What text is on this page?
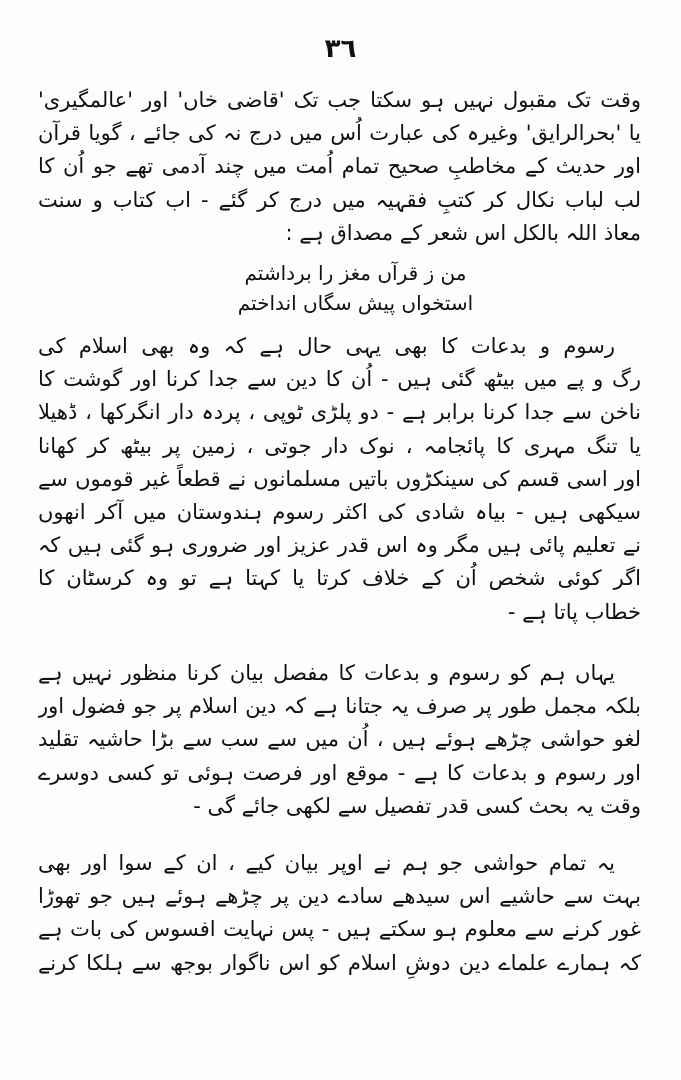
٣٦
وقت تک مقبول نہیں ہو سکتا جب تک 'قاضی خاں' اور 'عالمگیری'
یا 'بحرالرایق' وغیرہ کی عبارت اُس میں درج نہ کی جائے ، گویا قرآن
اور حدیث کے مخاطبِ صحیح تمام اُمت میں چند آدمی تھے جو اُن کا
لب لباب نکال کر کتبِ فقہیہ میں درج کر گئے - اب کتاب و سنت
معاذ اللہ بالکل اس شعر کے مصداق ہے :
من ز قرآں مغز را برداشتم
استخواں پیش سگاں انداختم
رسوم و بدعات کا بھی یہی حال ہے کہ وہ بھی اسلام کی
رگ و پے میں بیٹھ گئی ہیں - اُن کا دین سے جدا کرنا اور گوشت کا
ناخن سے جدا کرنا برابر ہے - دو پلڑی ٹوپی ، پردہ دار انگرکھا ، ڈھیلا
یا تنگ مہری کا پائجامہ ، نوک دار جوتی ، زمین پر بیٹھ کر کھانا
اور اسی قسم کی سینکڑوں باتیں مسلمانوں نے قطعاً غیر قوموں سے
سیکھی ہیں - بیاہ شادی کی اکثر رسوم ہندوستان میں آکر انھوں
نے تعلیم پائی ہیں مگر وہ اس قدر عزیز اور ضروری ہو گئی ہیں کہ
اگر کوئی شخص اُن کے خلاف کرتا یا کہتا ہے تو وہ کرسٹان کا
خطاب پاتا ہے -
یہاں ہم کو رسوم و بدعات کا مفصل بیان کرنا منظور نہیں ہے
بلکہ مجمل طور پر صرف یہ جتانا ہے کہ دین اسلام پر جو فضول اور
لغو حواشی چڑھے ہوئے ہیں ، اُن میں سے سب سے بڑا حاشیہ تقلید
اور رسوم و بدعات کا ہے - موقع اور فرصت ہوئی تو کسی دوسرے
وقت یہ بحث کسی قدر تفصیل سے لکھی جائے گی -
یہ تمام حواشی جو ہم نے اوپر بیان کیے ، ان کے سوا اور بھی
بہت سے حاشیے اس سیدھے سادے دین پر چڑھے ہوئے ہیں جو تھوڑا
غور کرنے سے معلوم ہو سکتے ہیں - پس نہایت افسوس کی بات ہے
کہ ہمارے علماے دین دوشِ اسلام کو اس ناگوار بوجھ سے ہلکا کرنے
